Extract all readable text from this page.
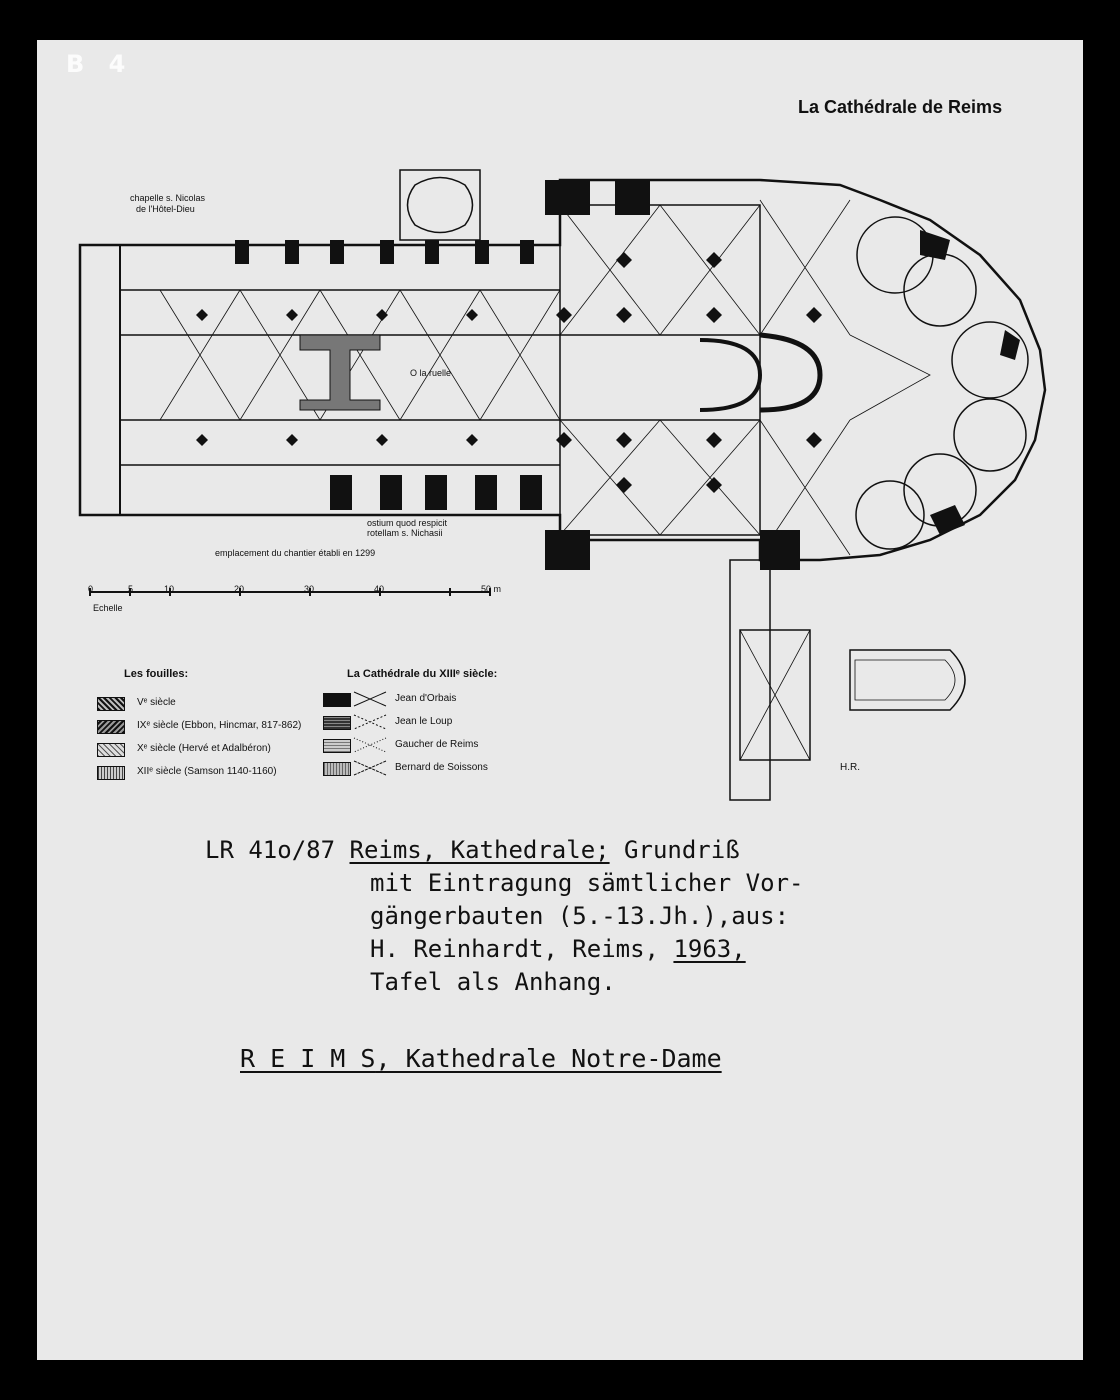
B 4
La Cathédrale de Reims
chapelle s. Nicolas
de l'Hôtel-Dieu
O la ruelle
ostium quod respicit
rotellam s. Nichasii
emplacement du chantier établi en 1299
0	5	10	20	30	40	50 m
Echelle
H.R.
Les fouilles:
Vᵉ siècle
IXᵉ siècle (Ebbon, Hincmar, 817-862)
Xᵉ siècle (Hervé et Adalbéron)
XIIᵉ siècle (Samson 1140-1160)
La Cathédrale du XIIIᵉ siècle:
Jean d'Orbais
Jean le Loup
Gaucher de Reims
Bernard de Soissons
LR 41o/87 Reims, Kathedrale; Grundriß
mit Eintragung sämtlicher Vor-
gängerbauten (5.-13.Jh.),aus:
H. Reinhardt, Reims, 1963,
Tafel als Anhang.
R E I M S, Kathedrale Notre-Dame
